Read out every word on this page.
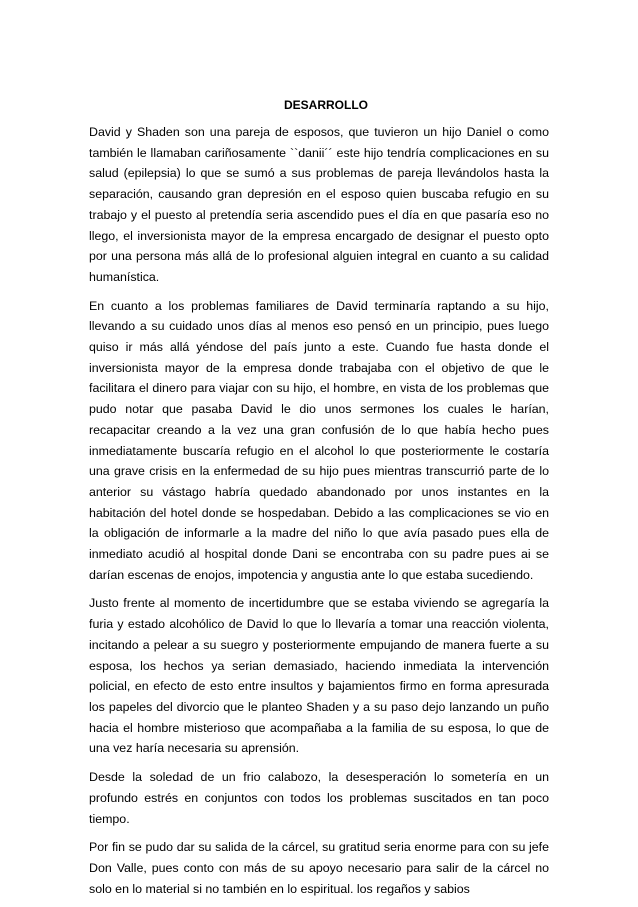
DESARROLLO

David y Shaden son una pareja de esposos, que tuvieron un hijo Daniel o como también le llamaban cariñosamente ``danii´´ este hijo tendría complicaciones en su salud (epilepsia) lo que se sumó a sus problemas de pareja llevándolos hasta la separación, causando gran depresión en el esposo quien buscaba refugio en su trabajo y el puesto al pretendía seria ascendido pues el día en que pasaría eso no llego, el inversionista mayor de la empresa encargado de designar el puesto opto por una persona más allá de lo profesional alguien integral en cuanto a su calidad humanística.

En cuanto a los problemas familiares de David terminaría raptando a su hijo, llevando a su cuidado unos días al menos eso pensó en un principio, pues luego quiso ir más allá yéndose del país junto a este. Cuando fue hasta donde el inversionista mayor de la empresa donde trabajaba con el objetivo de que le facilitara el dinero para viajar con su hijo, el hombre, en vista de los problemas que pudo notar que pasaba David le dio unos sermones los cuales le harían, recapacitar creando a la vez una gran confusión de lo que había hecho pues inmediatamente buscaría refugio en el alcohol lo que posteriormente le costaría una grave crisis en la enfermedad de su hijo pues mientras transcurrió parte de lo anterior su vástago habría quedado abandonado por unos instantes en la habitación del hotel donde se hospedaban. Debido a las complicaciones se vio en la obligación de informarle a la madre del niño lo que avía pasado pues ella de inmediato acudió al hospital donde Dani se encontraba con su padre pues ai se darían escenas de enojos, impotencia y angustia ante lo que estaba sucediendo.

Justo frente al momento de incertidumbre que se estaba viviendo se agregaría la furia y estado alcohólico de David lo que lo llevaría a tomar una reacción violenta, incitando a pelear a su suegro y posteriormente empujando de manera fuerte a su esposa, los hechos ya serian demasiado, haciendo inmediata la intervención policial, en efecto de esto entre insultos y bajamientos firmo en forma apresurada los papeles del divorcio que le planteo Shaden y a su paso dejo lanzando un puño hacia el hombre misterioso que acompañaba a la familia de su esposa, lo que de una vez haría necesaria su aprensión.

Desde la soledad de un frio calabozo, la desesperación lo sometería en un profundo estrés en conjuntos con todos los problemas suscitados en tan poco tiempo.

Por fin se pudo dar su salida de la cárcel, su gratitud seria enorme para con su jefe Don Valle, pues conto con más de su apoyo necesario para salir de la cárcel no solo en lo material si no también en lo espiritual. los regaños y sabios
